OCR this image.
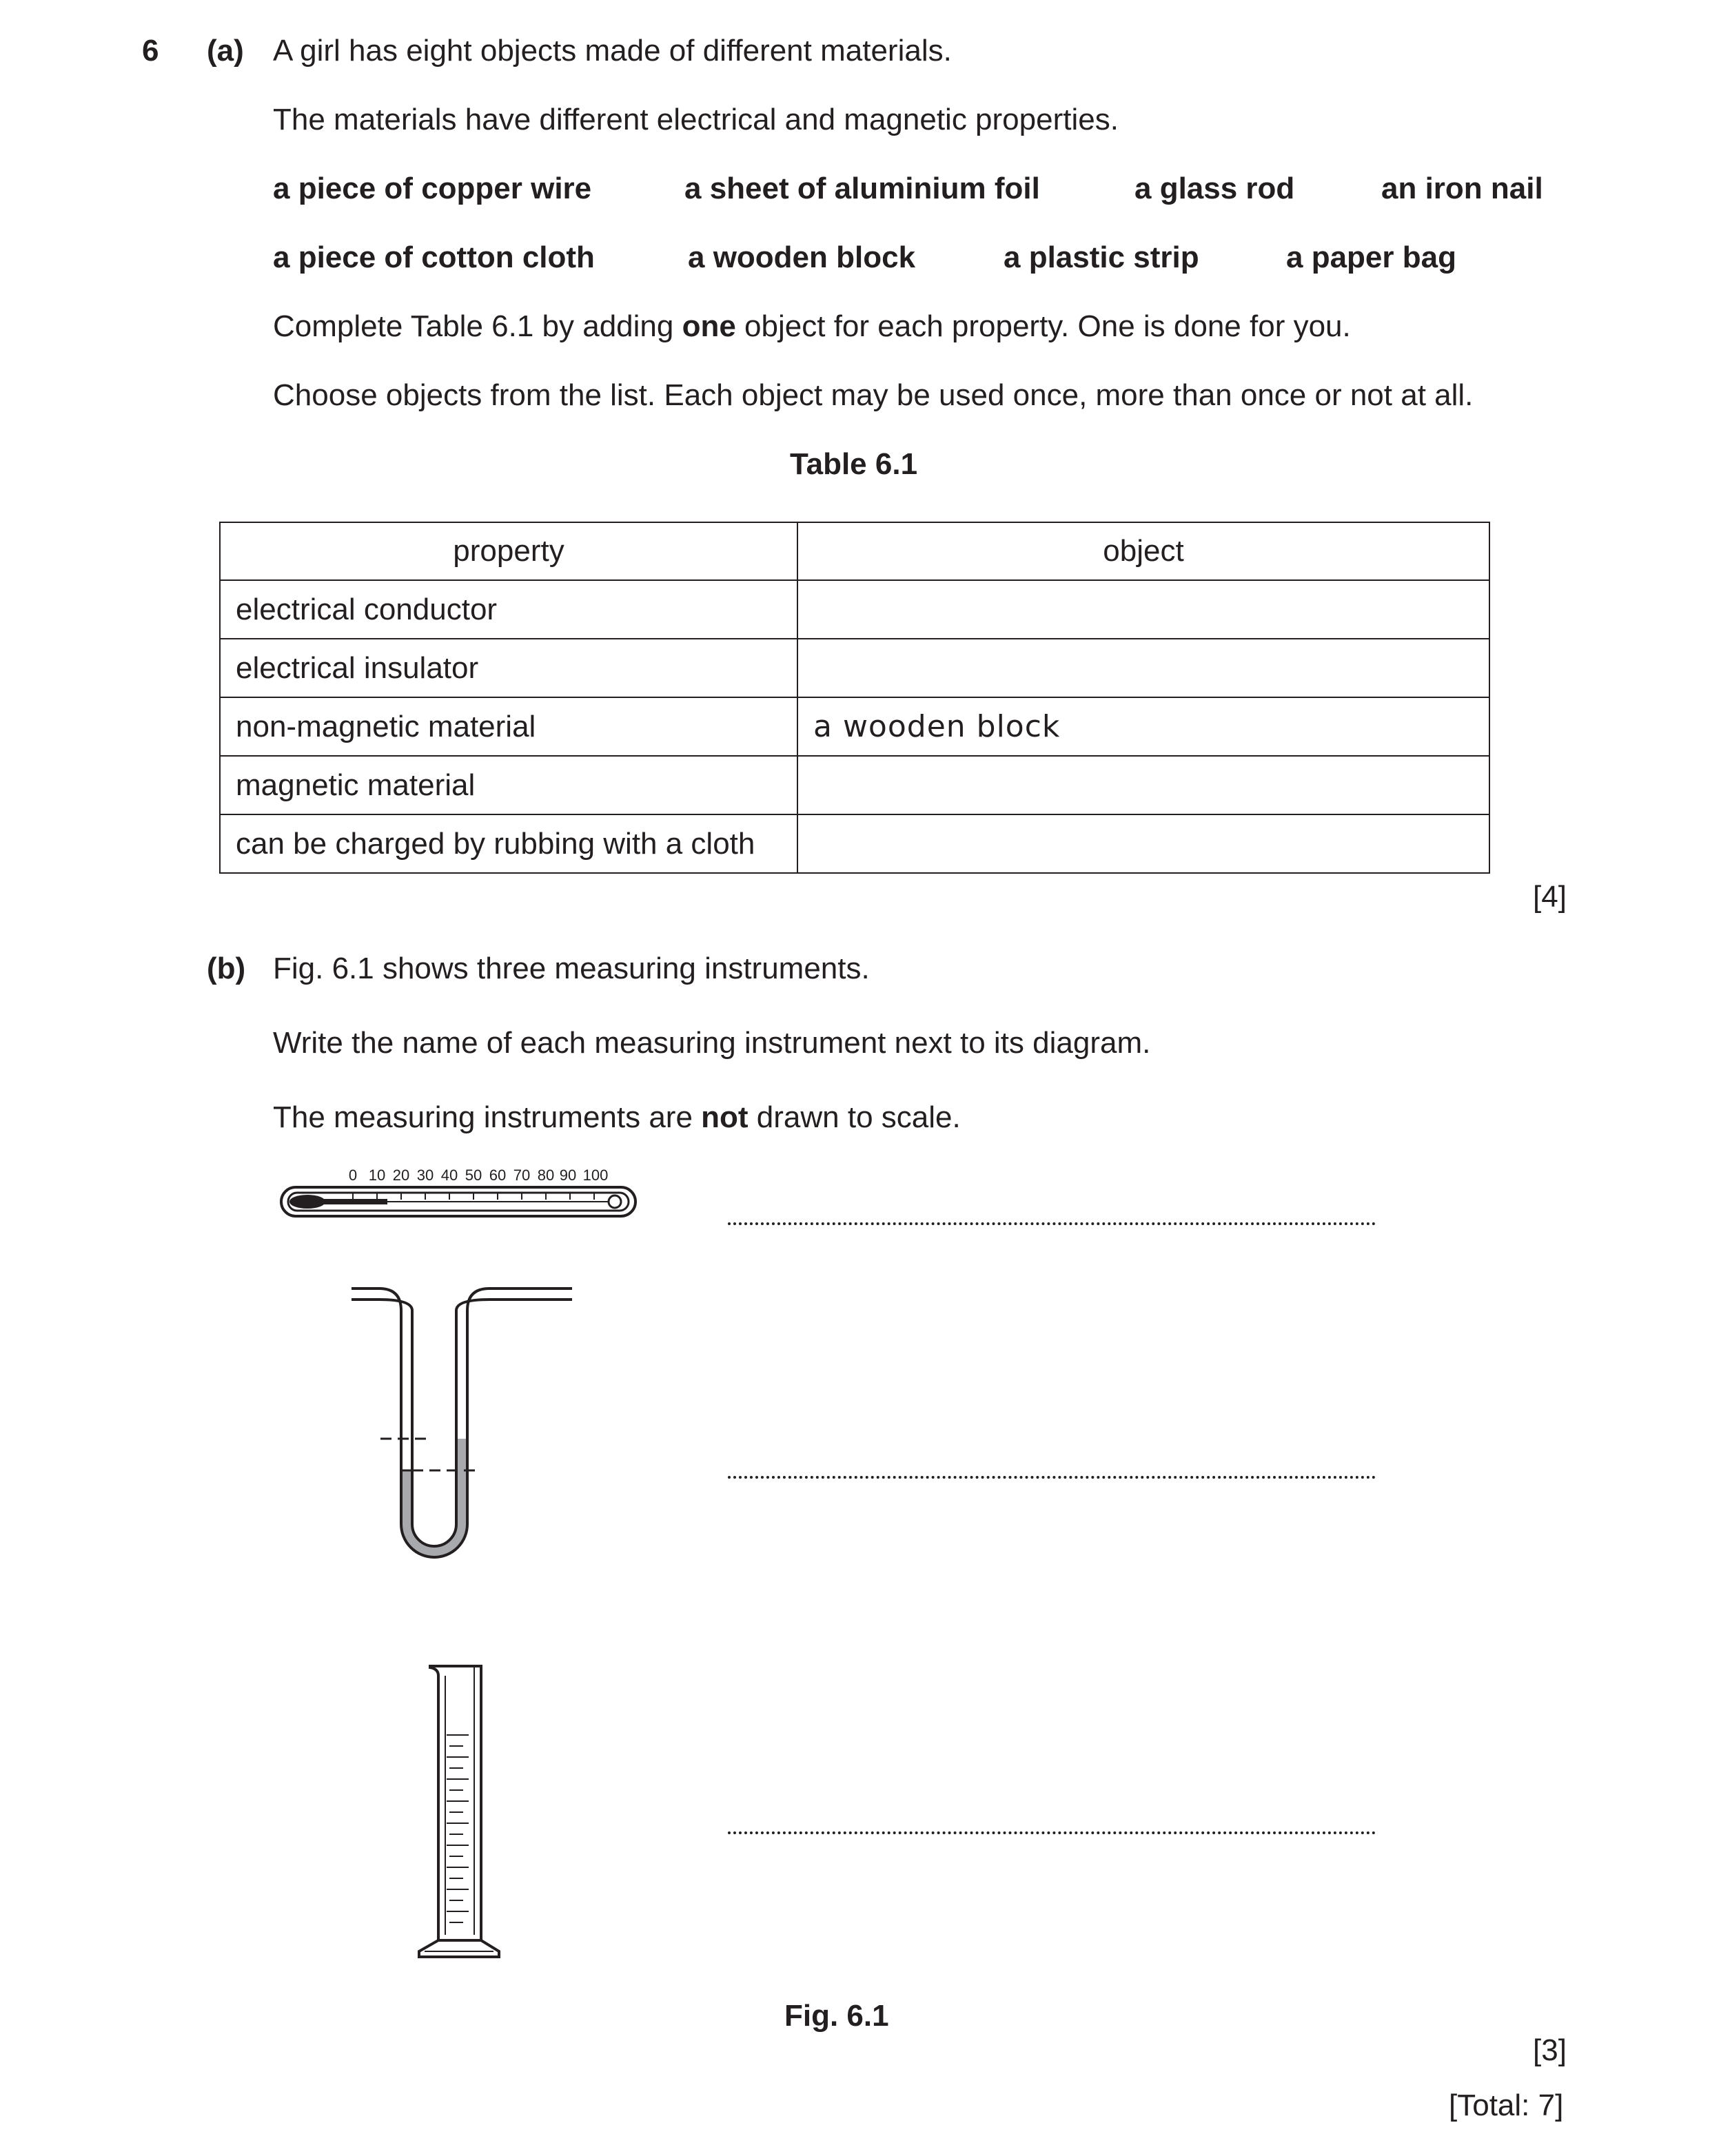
6 (a) A girl has eight objects made of different materials.
The materials have different electrical and magnetic properties.
a piece of copper wire	a sheet of aluminium foil	a glass rod	an iron nail
a piece of cotton cloth	a wooden block	a plastic strip	a paper bag
Complete Table 6.1 by adding one object for each property. One is done for you.
Choose objects from the list. Each object may be used once, more than once or not at all.
Table 6.1
property	object
electrical conductor	
electrical insulator	
non-magnetic material	a wooden block
magnetic material	
can be charged by rubbing with a cloth	
[4]
(b) Fig. 6.1 shows three measuring instruments.
Write the name of each measuring instrument next to its diagram.
The measuring instruments are not drawn to scale.
0 10 20 30 40 50 60 70 80 90 100
Fig. 6.1
[3]
[Total: 7]
